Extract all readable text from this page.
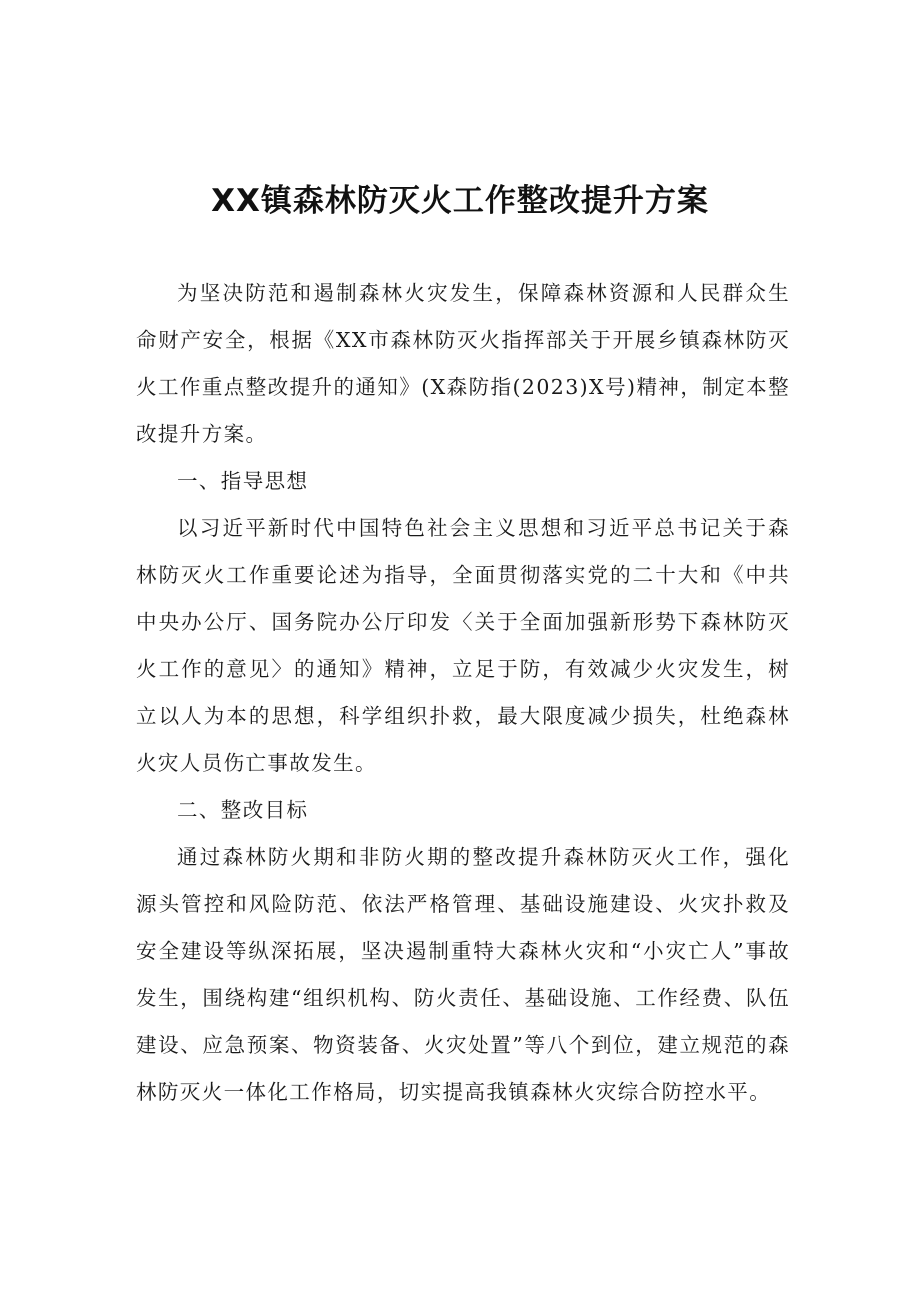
XX镇森林防灭火工作整改提升方案

为坚决防范和遏制森林火灾发生，保障森林资源和人民群众生命财产安全，根据《XX市森林防灭火指挥部关于开展乡镇森林防灭火工作重点整改提升的通知》(X森防指(2023)X号)精神，制定本整改提升方案。

一、指导思想

以习近平新时代中国特色社会主义思想和习近平总书记关于森林防灭火工作重要论述为指导，全面贯彻落实党的二十大和《中共中央办公厅、国务院办公厅印发〈关于全面加强新形势下森林防灭火工作的意见〉的通知》精神，立足于防，有效减少火灾发生，树立以人为本的思想，科学组织扑救，最大限度减少损失，杜绝森林火灾人员伤亡事故发生。

二、整改目标

通过森林防火期和非防火期的整改提升森林防灭火工作，强化源头管控和风险防范、依法严格管理、基础设施建设、火灾扑救及安全建设等纵深拓展，坚决遏制重特大森林火灾和“小灾亡人”事故发生，围绕构建“组织机构、防火责任、基础设施、工作经费、队伍建设、应急预案、物资装备、火灾处置”等八个到位，建立规范的森林防灭火一体化工作格局，切实提高我镇森林火灾综合防控水平。
